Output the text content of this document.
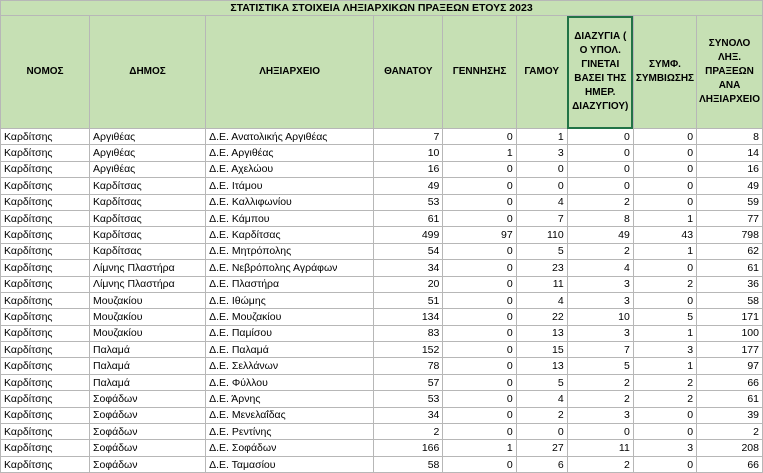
ΣΤΑΤΙΣΤΙΚΑ ΣΤΟΙΧΕΙΑ ΛΗΞΙΑΡΧΙΚΩΝ ΠΡΑΞΕΩΝ ΕΤΟΥΣ 2023								
ΝΟΜΟΣ	ΔΗΜΟΣ	ΛΗΞΙΑΡΧΕΙΟ	ΘΑΝΑΤΟΥ	ΓΕΝΝΗΣΗΣ	ΓΑΜΟΥ	ΔΙΑΖΥΓΙΑ ( Ο ΥΠΟΛ. ΓΙΝΕΤΑΙ ΒΑΣΕΙ ΤΗΣ ΗΜΕΡ. ΔΙΑΖΥΓΙΟΥ)	ΣΥΜΦ. ΣΥΜΒΙΩΣΗΣ	ΣΥΝΟΛΟ ΛΗΞ. ΠΡΑΞΕΩΝ ΑΝΑ ΛΗΞΙΑΡΧΕΙΟ
Καρδίτσης	Αργιθέας	Δ.Ε. Ανατολικής Αργιθέας	7	0	1	0	0	8
Καρδίτσης	Αργιθέας	Δ.Ε. Αργιθέας	10	1	3	0	0	14
Καρδίτσης	Αργιθέας	Δ.Ε. Αχελώου	16	0	0	0	0	16
Καρδίτσης	Καρδίτσας	Δ.Ε. Ιτάμου	49	0	0	0	0	49
Καρδίτσης	Καρδίτσας	Δ.Ε. Καλλιφωνίου	53	0	4	2	0	59
Καρδίτσης	Καρδίτσας	Δ.Ε. Κάμπου	61	0	7	8	1	77
Καρδίτσης	Καρδίτσας	Δ.Ε. Καρδίτσας	499	97	110	49	43	798
Καρδίτσης	Καρδίτσας	Δ.Ε. Μητρόπολης	54	0	5	2	1	62
Καρδίτσης	Λίμνης Πλαστήρα	Δ.Ε. Νεβρόπολης Αγράφων	34	0	23	4	0	61
Καρδίτσης	Λίμνης Πλαστήρα	Δ.Ε. Πλαστήρα	20	0	11	3	2	36
Καρδίτσης	Μουζακίου	Δ.Ε. Ιθώμης	51	0	4	3	0	58
Καρδίτσης	Μουζακίου	Δ.Ε. Μουζακίου	134	0	22	10	5	171
Καρδίτσης	Μουζακίου	Δ.Ε. Παμίσου	83	0	13	3	1	100
Καρδίτσης	Παλαμά	Δ.Ε. Παλαμά	152	0	15	7	3	177
Καρδίτσης	Παλαμά	Δ.Ε. Σελλάνων	78	0	13	5	1	97
Καρδίτσης	Παλαμά	Δ.Ε. Φύλλου	57	0	5	2	2	66
Καρδίτσης	Σοφάδων	Δ.Ε. Άρνης	53	0	4	2	2	61
Καρδίτσης	Σοφάδων	Δ.Ε. Μενελαΐδας	34	0	2	3	0	39
Καρδίτσης	Σοφάδων	Δ.Ε. Ρεντίνης	2	0	0	0	0	2
Καρδίτσης	Σοφάδων	Δ.Ε. Σοφάδων	166	1	27	11	3	208
Καρδίτσης	Σοφάδων	Δ.Ε. Ταμασίου	58	0	6	2	0	66
